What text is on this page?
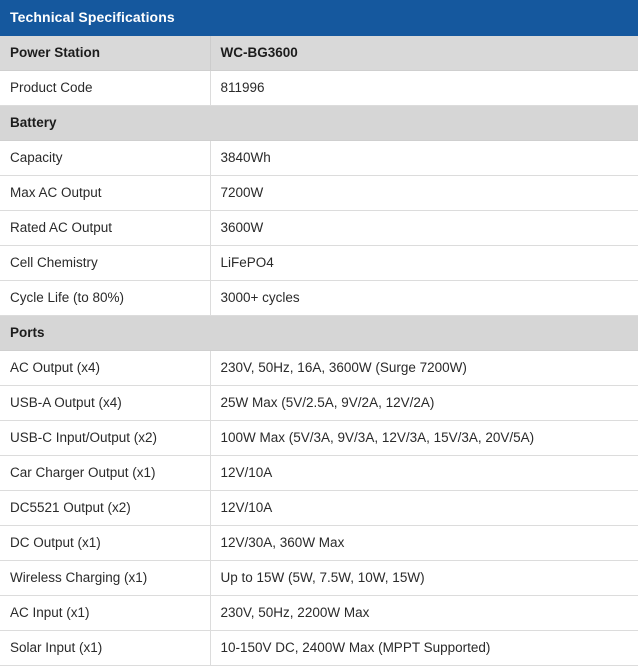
Technical Specifications	
Power Station	WC-BG3600
Product Code	811996
Battery	
Capacity	3840Wh
Max AC Output	7200W
Rated AC Output	3600W
Cell Chemistry	LiFePO4
Cycle Life (to 80%)	3000+ cycles
Ports	
AC Output (x4)	230V, 50Hz, 16A, 3600W (Surge 7200W)
USB-A Output (x4)	25W Max (5V/2.5A, 9V/2A, 12V/2A)
USB-C Input/Output (x2)	100W Max (5V/3A, 9V/3A, 12V/3A, 15V/3A, 20V/5A)
Car Charger Output (x1)	12V/10A
DC5521 Output (x2)	12V/10A
DC Output (x1)	12V/30A, 360W Max
Wireless Charging (x1)	Up to 15W (5W, 7.5W, 10W, 15W)
AC Input (x1)	230V, 50Hz, 2200W Max
Solar Input (x1)	10-150V DC, 2400W Max (MPPT Supported)
